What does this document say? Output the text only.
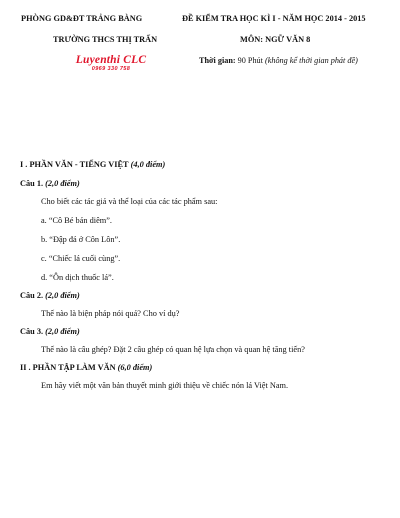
PHÒNG GD&ĐT TRẢNG BÀNG	ĐỀ KIỂM TRA HỌC KÌ I - NĂM HỌC 2014 - 2015
TRƯỜNG THCS THỊ TRẤN	MÔN: NGỮ VĂN 8
Luyenthi CLC
0969 330 758
Thời gian: 90 Phút (không kể thời gian phát đề)
I . PHẦN VĂN - TIẾNG VIỆT (4,0 điểm)
Câu 1. (2,0 điểm)
Cho biết các tác giả và thể loại của các tác phẩm sau:
a. “Cô Bé bán diêm”.
b. “Đập đá ở Côn Lôn”.
c. “Chiếc lá cuối cùng”.
d. “Ôn dịch thuốc lá”.
Câu 2. (2,0 điểm)
Thế nào là biện pháp nói quá? Cho ví dụ?
Câu 3. (2,0 điểm)
Thế nào là câu ghép? Đặt 2 câu ghép có quan hệ lựa chọn và quan hệ tăng tiến?
II . PHẦN TẬP LÀM VĂN (6,0 điểm)
Em hãy viết một văn bản thuyết minh giới thiệu về chiếc nón lá Việt Nam.
